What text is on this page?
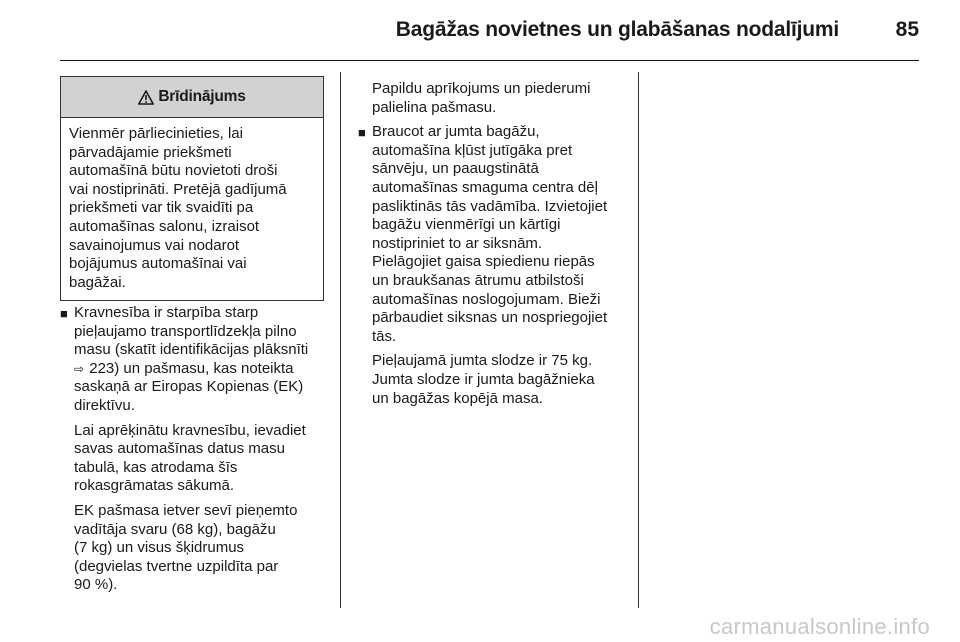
Bagāžas novietnes un glabāšanas nodalījumi	85
Brīdinājums
Vienmēr pārliecinieties, lai
pārvadājamie priekšmeti
automašīnā būtu novietoti droši
vai nostiprināti. Pretējā gadījumā
priekšmeti var tik svaidīti pa
automašīnas salonu, izraisot
savainojumus vai nodarot
bojājumus automašīnai vai
bagāžai.
■ Kravnesība ir starpība starp
pieļaujamo transportlīdzekļa pilno
masu (skatīt identifikācijas plāksnīti
⇨ 223) un pašmasu, kas noteikta
saskaņā ar Eiropas Kopienas (EK)
direktīvu.
Lai aprēķinātu kravnesību, ievadiet
savas automašīnas datus masu
tabulā, kas atrodama šīs
rokasgrāmatas sākumā.
EK pašmasa ietver sevī pieņemto
vadītāja svaru (68 kg), bagāžu
(7 kg) un visus šķidrumus
(degvielas tvertne uzpildīta par
90 %).
Papildu aprīkojums un piederumi
palielina pašmasu.
■ Braucot ar jumta bagāžu,
automašīna kļūst jutīgāka pret
sānvēju, un paaugstinātā
automašīnas smaguma centra dēļ
pasliktinās tās vadāmība. Izvietojiet
bagāžu vienmērīgi un kārtīgi
nostipriniet to ar siksnām.
Pielāgojiet gaisa spiedienu riepās
un braukšanas ātrumu atbilstoši
automašīnas noslogojumam. Bieži
pārbaudiet siksnas un nospriegojiet
tās.
Pieļaujamā jumta slodze ir 75 kg.
Jumta slodze ir jumta bagāžnieka
un bagāžas kopējā masa.
carmanualsonline.info
